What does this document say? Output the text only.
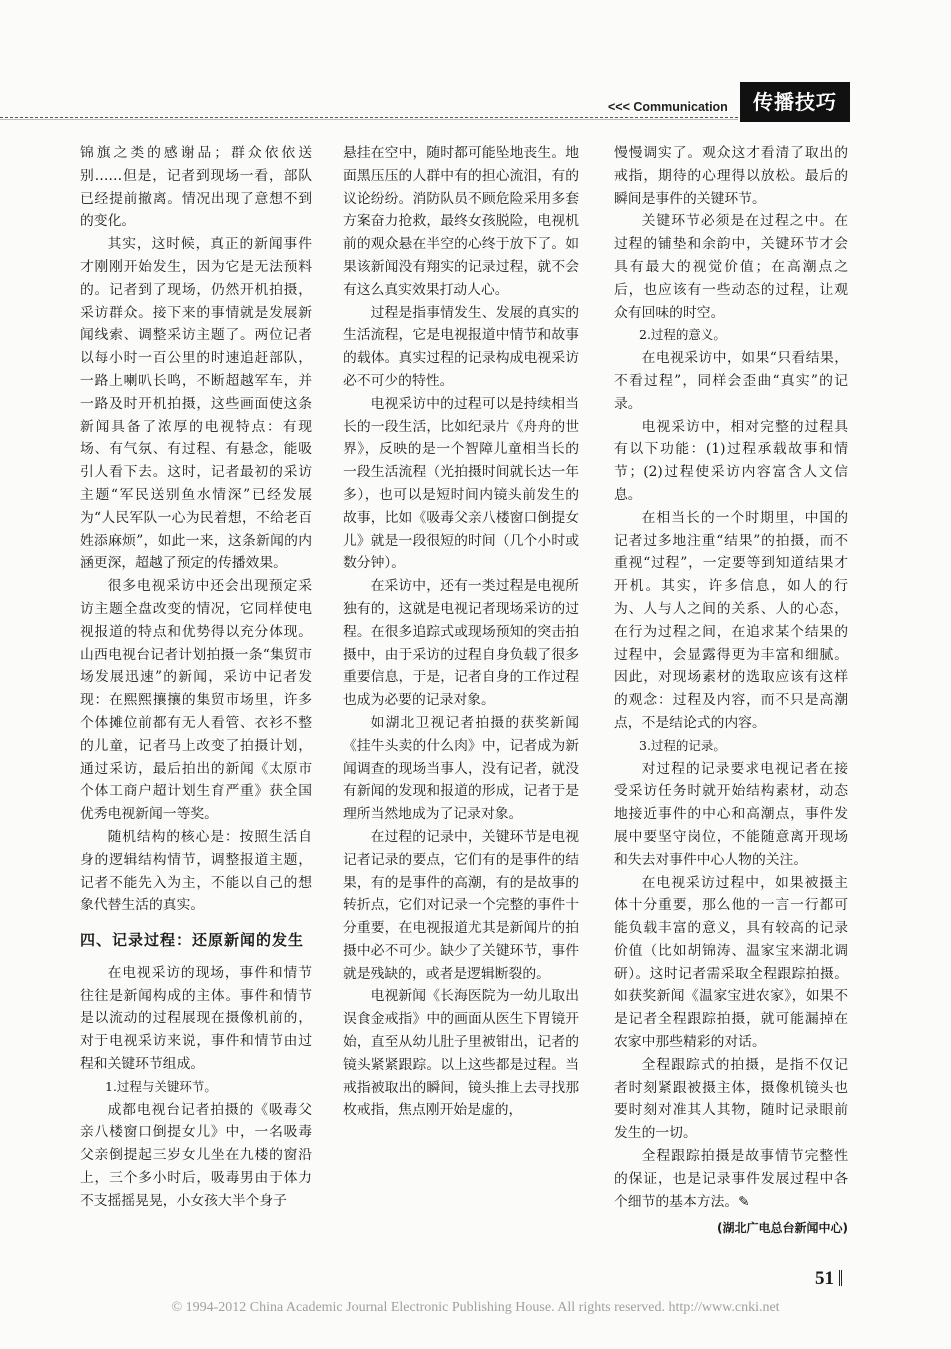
<<< Communication	传播技巧

锦旗之类的感谢品；群众依依送别……但是，记者到现场一看，部队已经提前撤离。情况出现了意想不到的变化。

其实，这时候，真正的新闻事件才刚刚开始发生，因为它是无法预料的。记者到了现场，仍然开机拍摄，采访群众。接下来的事情就是发展新闻线索、调整采访主题了。两位记者以每小时一百公里的时速追赶部队，一路上喇叭长鸣，不断超越军车，并一路及时开机拍摄，这些画面使这条新闻具备了浓厚的电视特点：有现场、有气氛、有过程、有悬念，能吸引人看下去。这时，记者最初的采访主题“军民送别鱼水情深”已经发展为“人民军队一心为民着想，不给老百姓添麻烦”，如此一来，这条新闻的内涵更深，超越了预定的传播效果。

很多电视采访中还会出现预定采访主题全盘改变的情况，它同样使电视报道的特点和优势得以充分体现。山西电视台记者计划拍摄一条“集贸市场发展迅速”的新闻，采访中记者发现：在熙熙攘攘的集贸市场里，许多个体摊位前都有无人看管、衣衫不整的儿童，记者马上改变了拍摄计划，通过采访，最后拍出的新闻《太原市个体工商户超计划生育严重》获全国优秀电视新闻一等奖。

随机结构的核心是：按照生活自身的逻辑结构情节，调整报道主题，记者不能先入为主，不能以自己的想象代替生活的真实。

四、记录过程：还原新闻的发生

在电视采访的现场，事件和情节往往是新闻构成的主体。事件和情节是以流动的过程展现在摄像机前的，对于电视采访来说，事件和情节由过程和关键环节组成。

1.过程与关键环节。

成都电视台记者拍摄的《吸毒父亲八楼窗口倒提女儿》中，一名吸毒父亲倒提起三岁女儿坐在九楼的窗沿上，三个多小时后，吸毒男由于体力不支摇摇晃晃，小女孩大半个身子

悬挂在空中，随时都可能坠地丧生。地面黑压压的人群中有的担心流泪，有的议论纷纷。消防队员不顾危险采用多套方案奋力抢救，最终女孩脱险，电视机前的观众悬在半空的心终于放下了。如果该新闻没有翔实的记录过程，就不会有这么真实效果打动人心。

过程是指事情发生、发展的真实的生活流程，它是电视报道中情节和故事的载体。真实过程的记录构成电视采访必不可少的特性。

电视采访中的过程可以是持续相当长的一段生活，比如纪录片《舟舟的世界》，反映的是一个智障儿童相当长的一段生活流程（光拍摄时间就长达一年多），也可以是短时间内镜头前发生的故事，比如《吸毒父亲八楼窗口倒提女儿》就是一段很短的时间（几个小时或数分钟）。

在采访中，还有一类过程是电视所独有的，这就是电视记者现场采访的过程。在很多追踪式或现场预知的突击拍摄中，由于采访的过程自身负载了很多重要信息，于是，记者自身的工作过程也成为必要的记录对象。

如湖北卫视记者拍摄的获奖新闻《挂牛头卖的什么肉》中，记者成为新闻调查的现场当事人，没有记者，就没有新闻的发现和报道的形成，记者于是理所当然地成为了记录对象。

在过程的记录中，关键环节是电视记者记录的要点，它们有的是事件的结果，有的是事件的高潮，有的是故事的转折点，它们对记录一个完整的事件十分重要，在电视报道尤其是新闻片的拍摄中必不可少。缺少了关键环节，事件就是残缺的，或者是逻辑断裂的。

电视新闻《长海医院为一幼儿取出误食金戒指》中的画面从医生下胃镜开始，直至从幼儿肚子里被钳出，记者的镜头紧紧跟踪。以上这些都是过程。当戒指被取出的瞬间，镜头推上去寻找那枚戒指，焦点刚开始是虚的，

慢慢调实了。观众这才看清了取出的戒指，期待的心理得以放松。最后的瞬间是事件的关键环节。

关键环节必须是在过程之中。在过程的铺垫和余韵中，关键环节才会具有最大的视觉价值；在高潮点之后，也应该有一些动态的过程，让观众有回味的时空。

2.过程的意义。

在电视采访中，如果“只看结果，不看过程”，同样会歪曲“真实”的记录。

电视采访中，相对完整的过程具有以下功能：(1)过程承载故事和情节；(2)过程使采访内容富含人文信息。

在相当长的一个时期里，中国的记者过多地注重“结果”的拍摄，而不重视“过程”，一定要等到知道结果才开机。其实，许多信息，如人的行为、人与人之间的关系、人的心态，在行为过程之间，在追求某个结果的过程中，会显露得更为丰富和细腻。因此，对现场素材的选取应该有这样的观念：过程及内容，而不只是高潮点，不是结论式的内容。

3.过程的记录。

对过程的记录要求电视记者在接受采访任务时就开始结构素材，动态地接近事件的中心和高潮点，事件发展中要坚守岗位，不能随意离开现场和失去对事件中心人物的关注。

在电视采访过程中，如果被摄主体十分重要，那么他的一言一行都可能负载丰富的意义，具有较高的记录价值（比如胡锦涛、温家宝来湖北调研）。这时记者需采取全程跟踪拍摄。如获奖新闻《温家宝进农家》，如果不是记者全程跟踪拍摄，就可能漏掉在农家中那些精彩的对话。

全程跟踪式的拍摄，是指不仅记者时刻紧跟被摄主体，摄像机镜头也要时刻对准其人其物，随时记录眼前发生的一切。

全程跟踪拍摄是故事情节完整性的保证，也是记录事件发展过程中各个细节的基本方法。✎

(湖北广电总台新闻中心)
51
© 1994-2012 China Academic Journal Electronic Publishing House. All rights reserved. http://www.cnki.net
